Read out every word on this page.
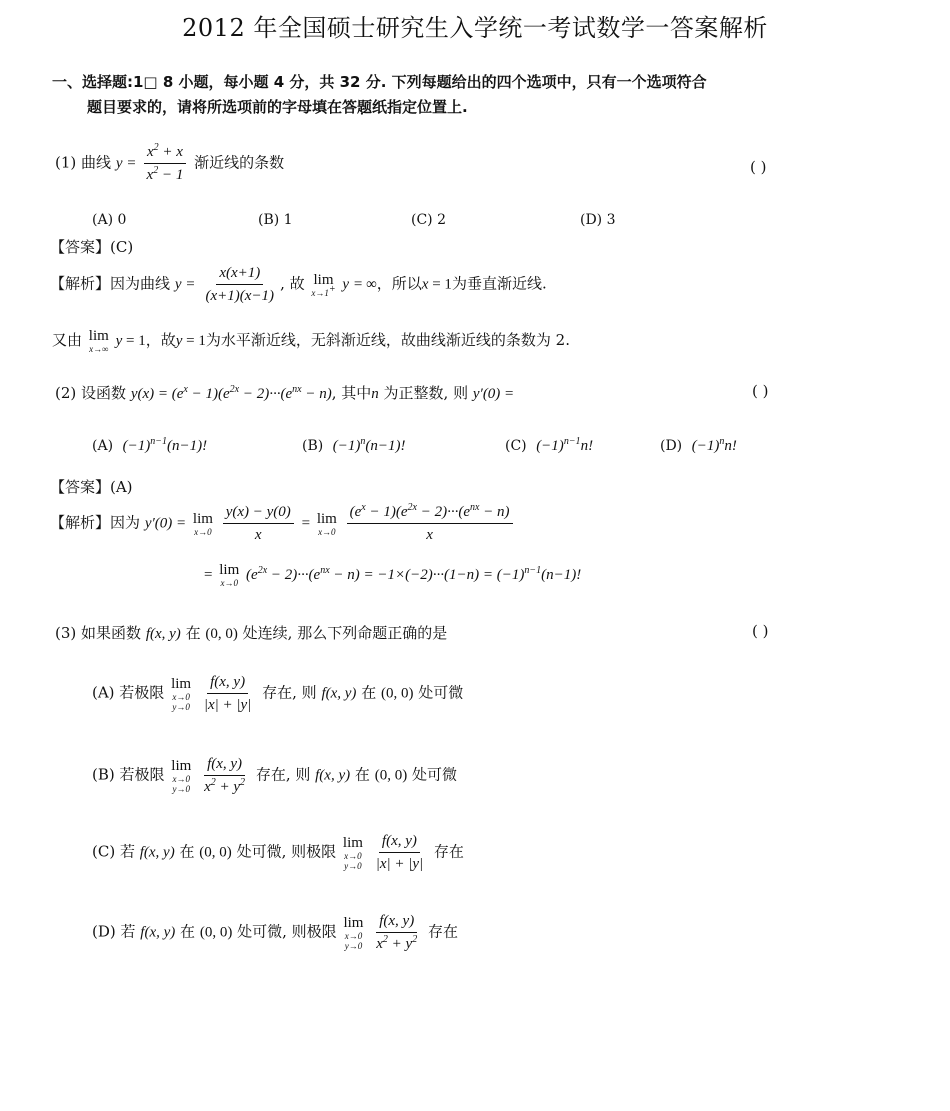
2012 年全国硕士研究生入学统一考试数学一答案解析
一、选择题:1□ 8 小题，每小题 4 分，共 32 分. 下列每题给出的四个选项中，只有一个选项符合
题目要求的，请将所选项前的字母填在答题纸指定位置上.
(1) 曲线 $y = \frac{x^2 + x}{x^2 - 1}$ 渐近线的条数	( )
(A) 0	(B) 1	(C) 2	(D) 3
【答案】(C)
【解析】因为曲线 $y = \frac{x(x+1)}{(x+1)(x-1)}$ , 故 lim
x→1+ y = ∞，所以x = 1为垂直渐近线.
又由 lim
x→∞ y = 1，故y = 1为水平渐近线，无斜渐近线，故曲线渐近线的条数为 2.
(2) 设函数 $y(x) = (e^x - 1)(e^{2x} - 2)\cdot\cdot\cdot(e^{nx} - n)$, 其中n 为正整数, 则 y′(0) =	( )
(A) $(-1)^{n-1}(n-1)$!	(B) $(-1)^n(n-1)$!	(C) $(-1)^{n-1}n$!	(D) $(-1)^nn$!
【答案】(A)
【解析】因为 y′(0) = lim
x→0
$\frac{y(x) - y(0)}{x} = \lim$
x→0
$\frac{(e^x - 1)(e^{2x} - 2)\cdot\cdot\cdot(e^{nx} - n)}{x}$
= lim
x→0 $(e^{2x} - 2)\cdot\cdot\cdot(e^{nx} - n) = -1\times(-2)\cdot\cdot\cdot(1-n) = (-1)^{n-1}(n-1)$!
(3) 如果函数 f(x, y) 在 (0, 0) 处连续, 那么下列命题正确的是	( )
(A) 若极限 lim
x→0
y→0
$\frac{f(x, y)}{|x| + |y|}$ 存在, 则 f(x, y) 在 (0, 0) 处可微
(B) 若极限 lim
x→0
y→0
$\frac{f(x, y)}{x^2 + y^2}$ 存在, 则 f(x, y) 在 (0, 0) 处可微
(C) 若 f(x, y) 在 (0, 0) 处可微, 则极限 lim
x→0
y→0
$\frac{f(x, y)}{|x| + |y|}$ 存在
(D) 若 f(x, y) 在 (0, 0) 处可微, 则极限 lim
x→0
y→0
$\frac{f(x, y)}{x^2 + y^2}$ 存在
